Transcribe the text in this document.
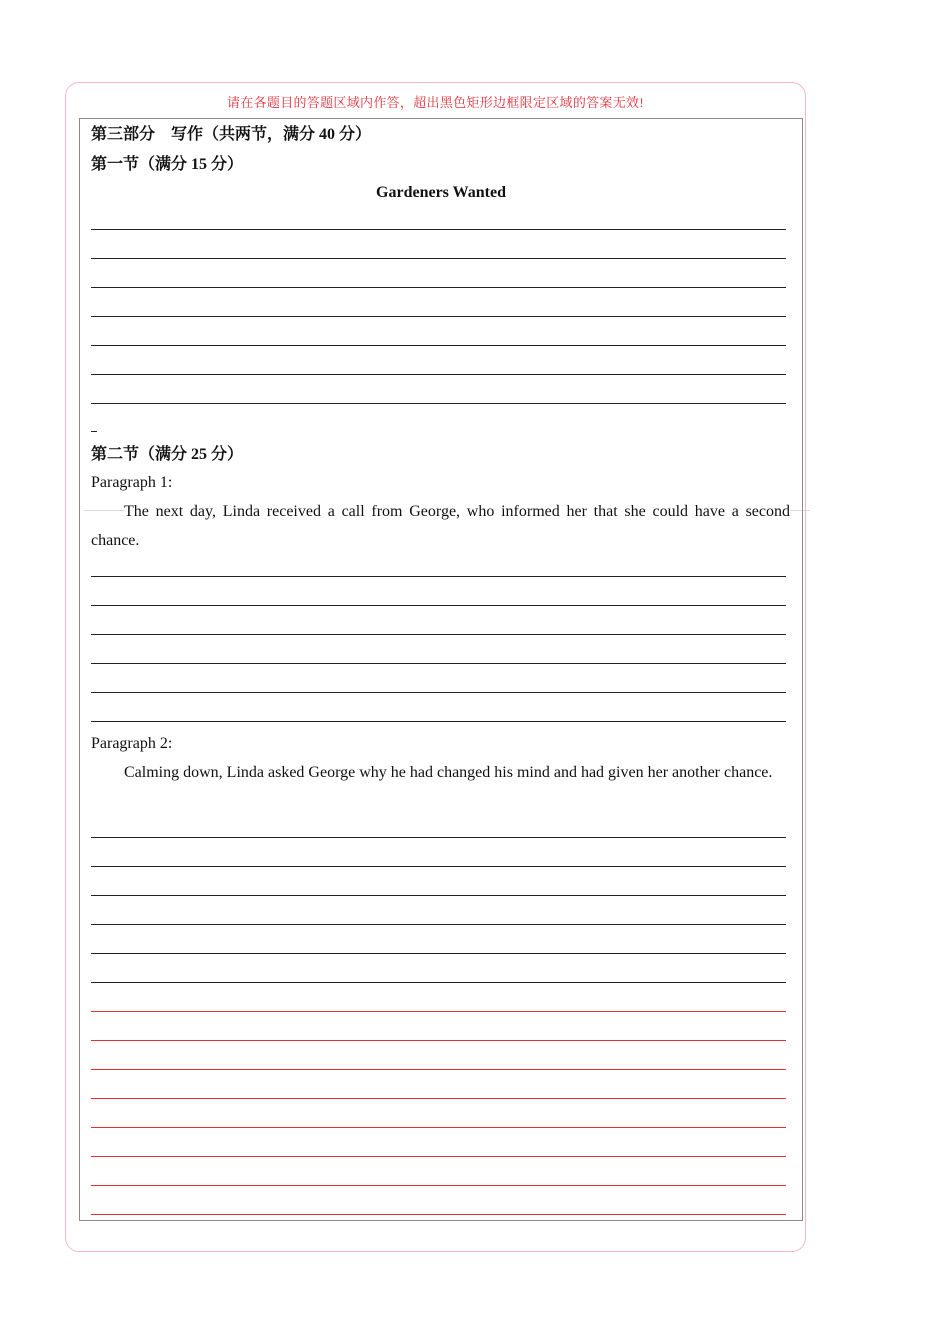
请在各题目的答题区域内作答，超出黑色矩形边框限定区域的答案无效!
第三部分　写作（共两节，满分 40 分）
第一节（满分 15 分）
Gardeners Wanted
第二节（满分 25 分）
Paragraph 1:
The next day, Linda received a call from George, who informed her that she could have a second chance.
Paragraph 2:
Calming down, Linda asked George why he had changed his mind and had given her another chance.
